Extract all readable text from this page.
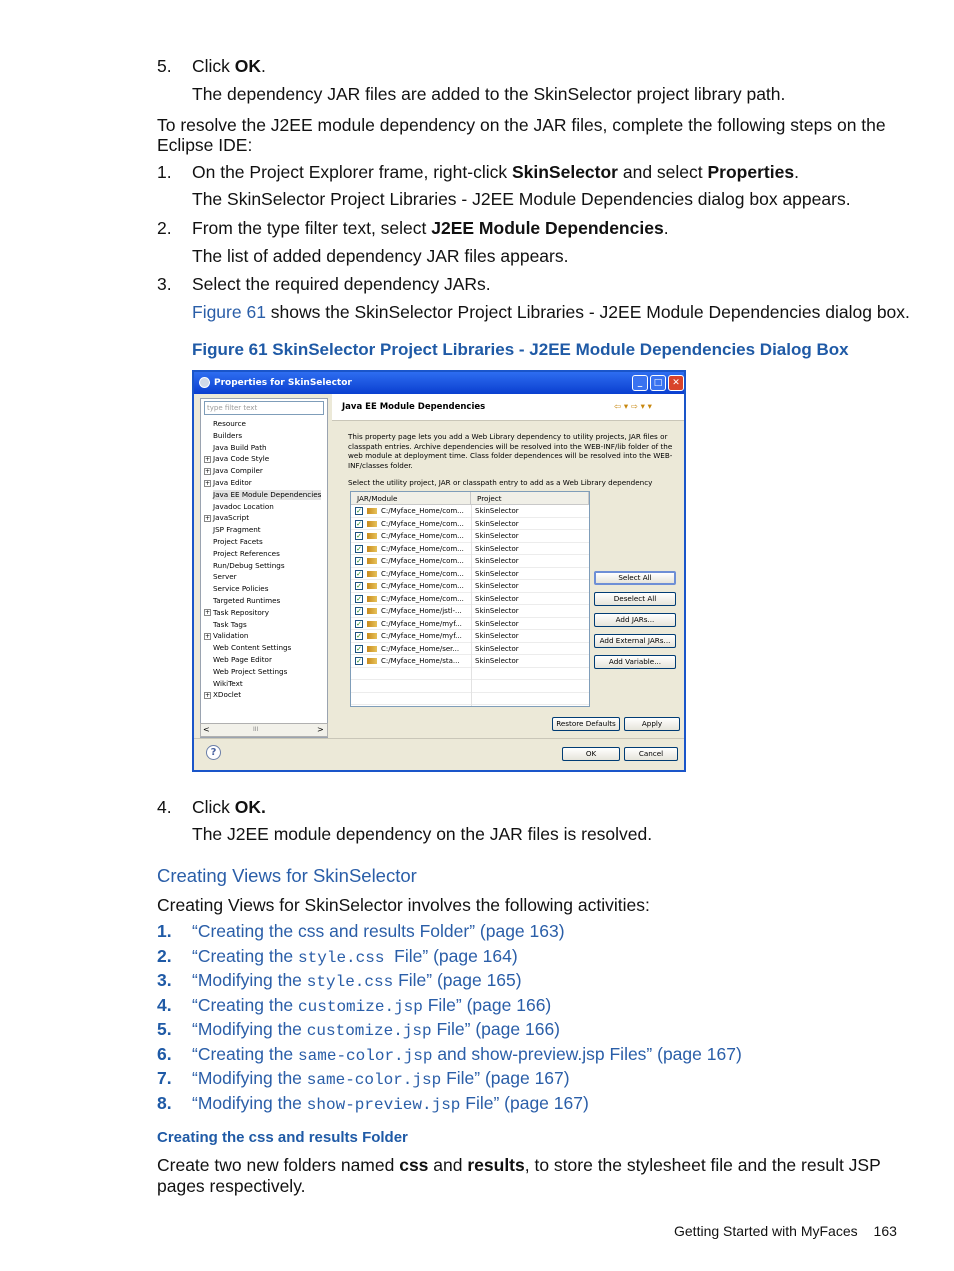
5. Click OK.
The dependency JAR files are added to the SkinSelector project library path.
To resolve the J2EE module dependency on the JAR files, complete the following steps on the Eclipse IDE:
1. On the Project Explorer frame, right-click SkinSelector and select Properties.
The SkinSelector Project Libraries - J2EE Module Dependencies dialog box appears.
2. From the type filter text, select J2EE Module Dependencies.
The list of added dependency JAR files appears.
3. Select the required dependency JARs.
Figure 61 shows the SkinSelector Project Libraries - J2EE Module Dependencies dialog box.
Figure 61 SkinSelector Project Libraries - J2EE Module Dependencies Dialog Box
Properties for SkinSelector	_	□	✕
type filter text
Resource
Builders
Java Build Path
+ Java Code Style
+ Java Compiler
+ Java Editor
Java EE Module Dependencies
Javadoc Location
+ JavaScript
JSP Fragment
Project Facets
Project References
Run/Debug Settings
Server
Service Policies
Targeted Runtimes
+ Task Repository
Task Tags
+ Validation
Web Content Settings
Web Page Editor
Web Project Settings
WikiText
+ XDoclet
<	III	>
Java EE Module Dependencies	⇦ ▾ ⇨ ▾ ▾
This property page lets you add a Web Library dependency to utility projects, JAR files or classpath entries. Archive dependencies will be resolved into the WEB-INF/lib folder of the web module at deployment time. Class folder dependences will be resolved into the WEB-INF/classes folder.
Select the utility project, JAR or classpath entry to add as a Web Library dependency
JAR/Module	Project
✓	C:/Myface_Home/com... SkinSelector
✓	C:/Myface_Home/com... SkinSelector
✓	C:/Myface_Home/com... SkinSelector
✓	C:/Myface_Home/com... SkinSelector
✓	C:/Myface_Home/com... SkinSelector
✓	C:/Myface_Home/com... SkinSelector
✓	C:/Myface_Home/com... SkinSelector
✓	C:/Myface_Home/com... SkinSelector
✓	C:/Myface_Home/jstl-... SkinSelector
✓	C:/Myface_Home/myf... SkinSelector
✓	C:/Myface_Home/myf... SkinSelector
✓	C:/Myface_Home/ser... SkinSelector
✓	C:/Myface_Home/sta... SkinSelector
Select All
Deselect All
Add JARs...
Add External JARs...
Add Variable...
Restore Defaults	Apply
?	OK	Cancel
4. Click OK.
The J2EE module dependency on the JAR files is resolved.
Creating Views for SkinSelector
Creating Views for SkinSelector involves the following activities:
1. “Creating the css and results Folder” (page 163)
2. “Creating the style.css  File” (page 164)
3. “Modifying the style.css File” (page 165)
4. “Creating the customize.jsp File” (page 166)
5. “Modifying the customize.jsp File” (page 166)
6. “Creating the same-color.jsp and show-preview.jsp Files” (page 167)
7. “Modifying the same-color.jsp File” (page 167)
8. “Modifying the show-preview.jsp File” (page 167)
Creating the css and results Folder
Create two new folders named css and results, to store the stylesheet file and the result JSP pages respectively.
Getting Started with MyFaces 163
